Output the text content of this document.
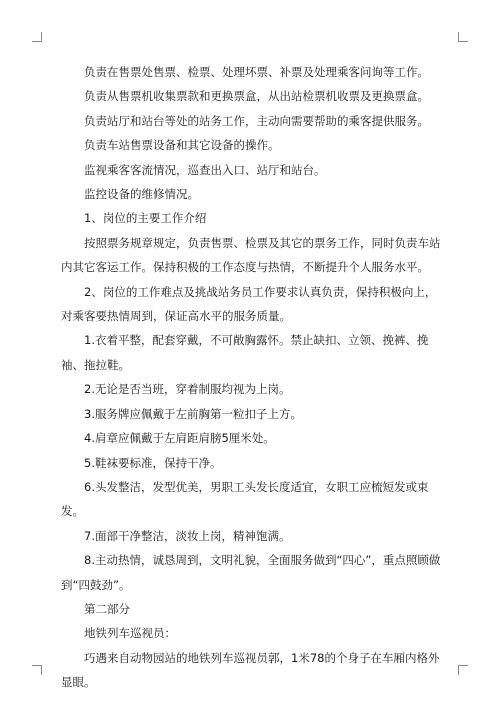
负责在售票处售票、检票、处理坏票、补票及处理乘客问询等工作。

负责从售票机收集票款和更换票盒，从出站检票机收票及更换票盒。

负责站厅和站台等处的站务工作，主动向需要帮助的乘客提供服务。

负责车站售票设备和其它设备的操作。

监视乘客客流情况，巡查出入口、站厅和站台。

监控设备的维修情况。

1、岗位的主要工作介绍

按照票务规章规定，负责售票、检票及其它的票务工作，同时负责车站内其它客运工作。保持积极的工作态度与热情，不断提升个人服务水平。

2、岗位的工作难点及挑战站务员工作要求认真负责，保持积极向上，对乘客要热情周到，保证高水平的服务质量。

1.衣着平整，配套穿戴，不可敞胸露怀。禁止缺扣、立领、挽裤、挽袖、拖拉鞋。

2.无论是否当班，穿着制服均视为上岗。

3.服务牌应佩戴于左前胸第一粒扣子上方。

4.肩章应佩戴于左肩距肩膀5厘米处。

5.鞋袜要标准，保持干净。

6.头发整洁，发型优美，男职工头发长度适宜，女职工应梳短发或束发。

7.面部干净整洁，淡妆上岗，精神饱满。

8.主动热情，诚恳周到，文明礼貌，全面服务做到“四心”，重点照顾做到“四鼓劲”。

第二部分

地铁列车巡视员：

巧遇来自动物园站的地铁列车巡视员郭，1米78的个身子在车厢内格外显眼。
